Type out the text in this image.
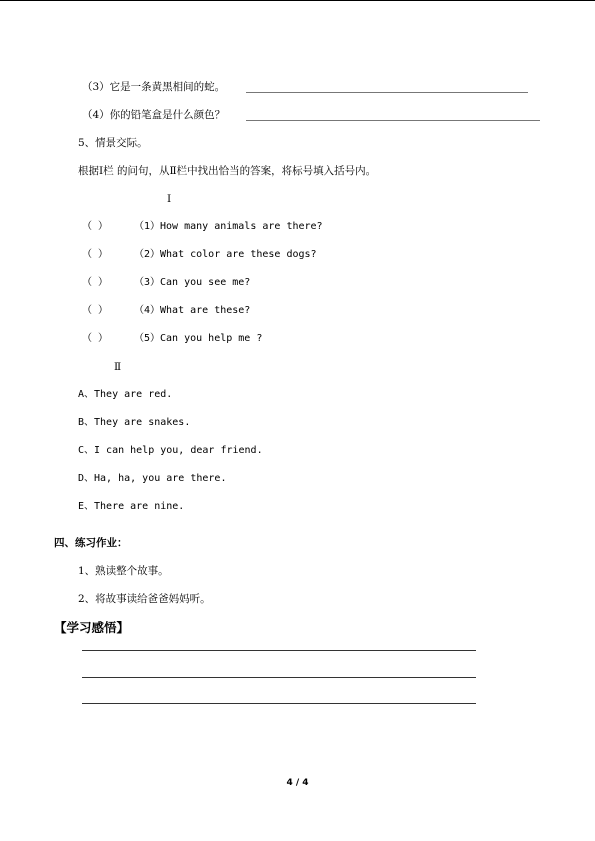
（3）它是一条黄黑相间的蛇。
（4）你的铅笔盒是什么颜色？
5、情景交际。
根据Ⅰ栏 的问句，从Ⅱ栏中找出恰当的答案，将标号填入括号内。
Ⅰ
（ ）	（1）How many animals are there?
（ ）	（2）What color are these dogs?
（ ）	（3）Can you see me?
（ ）	（4）What are these?
（ ）	（5）Can you help me ?
Ⅱ
A、They are red.
B、They are snakes.
C、I can help you, dear friend.
D、Ha, ha, you are there.
E、There are nine.
四、练习作业：
1、熟读整个故事。
2、将故事读给爸爸妈妈听。
【学习感悟】
4 / 4
